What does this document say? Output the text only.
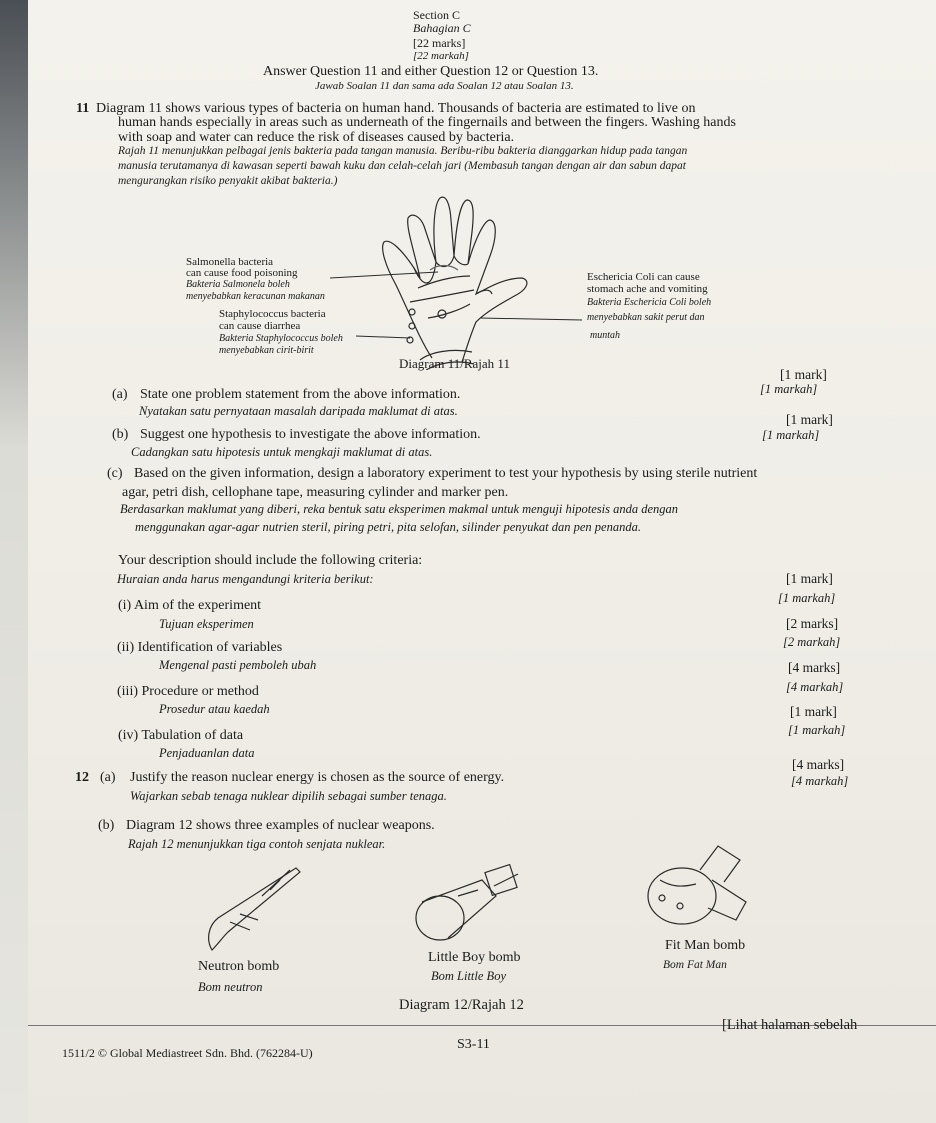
Section C
Bahagian C
[22 marks]
[22 markah]
Answer Question 11 and either Question 12 or Question 13.
Jawab Soalan 11 dan sama ada Soalan 12 atau Soalan 13.
11 Diagram 11 shows various types of bacteria on human hand. Thousands of bacteria are estimated to live on
human hands especially in areas such as underneath of the fingernails and between the fingers. Washing hands
with soap and water can reduce the risk of diseases caused by bacteria.
Rajah 11 menunjukkan pelbagai jenis bakteria pada tangan manusia. Beribu-ribu bakteria dianggarkan hidup pada tangan
manusia terutamanya di kawasan seperti bawah kuku dan celah-celah jari (Membasuh tangan dengan air dan sabun dapat
mengurangkan risiko penyakit akibat bakteria.)
Salmonella bacteria
can cause food poisoning
Bakteria Salmonela boleh
menyebabkan keracunan makanan
Staphylococcus bacteria
can cause diarrhea
Bakteria Staphylococcus boleh
menyebabkan cirit-birit
Eschericia Coli can cause
stomach ache and vomiting
Bakteria Eschericia Coli boleh
menyebabkan sakit perut dan
muntah
Diagram 11/Rajah 11
[1 mark]
[1 markah]
(a) State one problem statement from the above information.
Nyatakan satu pernyataan masalah daripada maklumat di atas.
[1 mark]
[1 markah]
(b) Suggest one hypothesis to investigate the above information.
Cadangkan satu hipotesis untuk mengkaji maklumat di atas.
(c) Based on the given information, design a laboratory experiment to test your hypothesis by using sterile nutrient
agar, petri dish, cellophane tape, measuring cylinder and marker pen.
Berdasarkan maklumat yang diberi, reka bentuk satu eksperimen makmal untuk menguji hipotesis anda dengan
menggunakan agar-agar nutrien steril, piring petri, pita selofan, silinder penyukat dan pen penanda.
Your description should include the following criteria:
Huraian anda harus mengandungi kriteria berikut:	[1 mark]
[1 markah]
(i) Aim of the experiment
Tujuan eksperimen	[2 marks]
[2 markah]
(ii) Identification of variables
Mengenal pasti pemboleh ubah	[4 marks]
[4 markah]
(iii) Procedure or method
Prosedur atau kaedah	[1 mark]
[1 markah]
(iv) Tabulation of data
Penjaduanlan data
[4 marks]
[4 markah]
12 (a) Justify the reason nuclear energy is chosen as the source of energy.
Wajarkan sebab tenaga nuklear dipilih sebagai sumber tenaga.
(b) Diagram 12 shows three examples of nuclear weapons.
Rajah 12 menunjukkan tiga contoh senjata nuklear.
Neutron bomb
Bom neutron
Little Boy bomb
Bom Little Boy
Fit Man bomb
Bom Fat Man
Diagram 12/Rajah 12
[Lihat halaman sebelah
S3-11
1511/2 © Global Mediastreet Sdn. Bhd. (762284-U)
